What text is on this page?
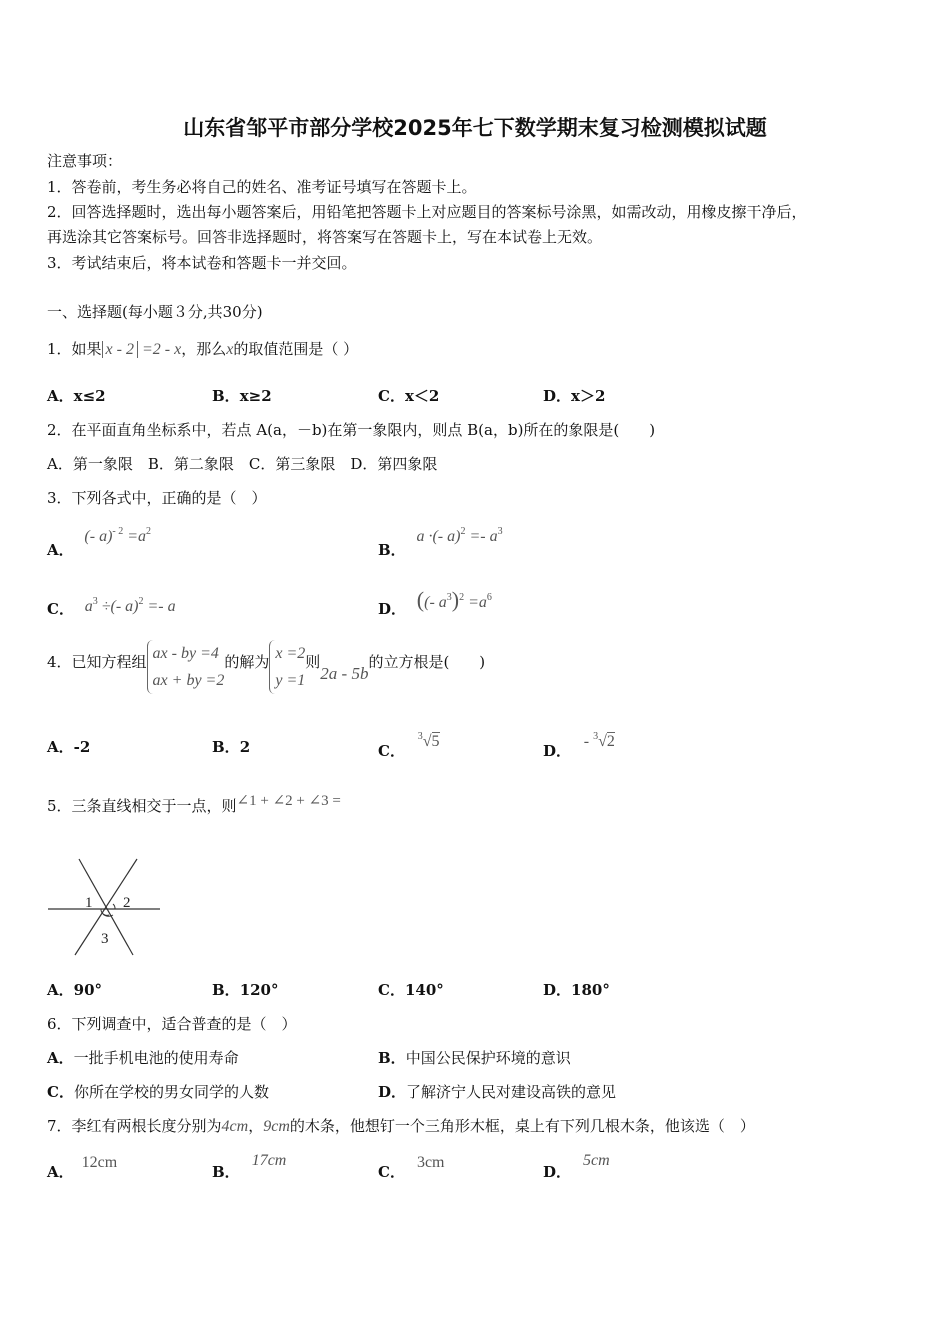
山东省邹平市部分学校2025年七下数学期末复习检测模拟试题
注意事项：
1．答卷前，考生务必将自己的姓名、准考证号填写在答题卡上。
2．回答选择题时，选出每小题答案后，用铅笔把答题卡上对应题目的答案标号涂黑，如需改动，用橡皮擦干净后，
再选涂其它答案标号。回答非选择题时，将答案写在答题卡上，写在本试卷上无效。
3．考试结束后，将本试卷和答题卡一并交回。
一、选择题(每小题３分,共30分)
1．如果 x - 2 =2 - x，那么x的取值范围是（ ）
A．x≤2	B．x≥2	C．x＜2	D．x＞2
2．在平面直角坐标系中，若点 A(a，－b)在第一象限内，则点 B(a，b)所在的象限是(　　)
A．第一象限　B．第二象限　C．第三象限　D．第四象限
3．下列各式中，正确的是（　）
A． (- $a)^{- 2} =a^2$
B． a ·(- $a)^2 =- a^3$
C． $a^3$ ÷(- a)$^2$ =- a	D． ((- $a^3)^2 =a^6$
4．已知方程组 ax - by =4
ax + by =2的解为 x =2
y =1则2a - 5b的立方根是(　　)
A．-2	B．2	C． $^3$√5
D． - $^3$√2
5．三条直线相交于一点，则∠1 + ∠2 + ∠3 =
1 2
3
A．90°	B．120°	C．140°	D．180°
6．下列调查中，适合普查的是（　）
A．一批手机电池的使用寿命	B．中国公民保护环境的意识
C．你所在学校的男女同学的人数	D．了解济宁人民对建设高铁的意见
7．李红有两根长度分别为4cm，9cm的木条，他想钉一个三角形木框，桌上有下列几根木条，他该选（　）
A．12cm
B．17cm
C．3cm
D．5cm
